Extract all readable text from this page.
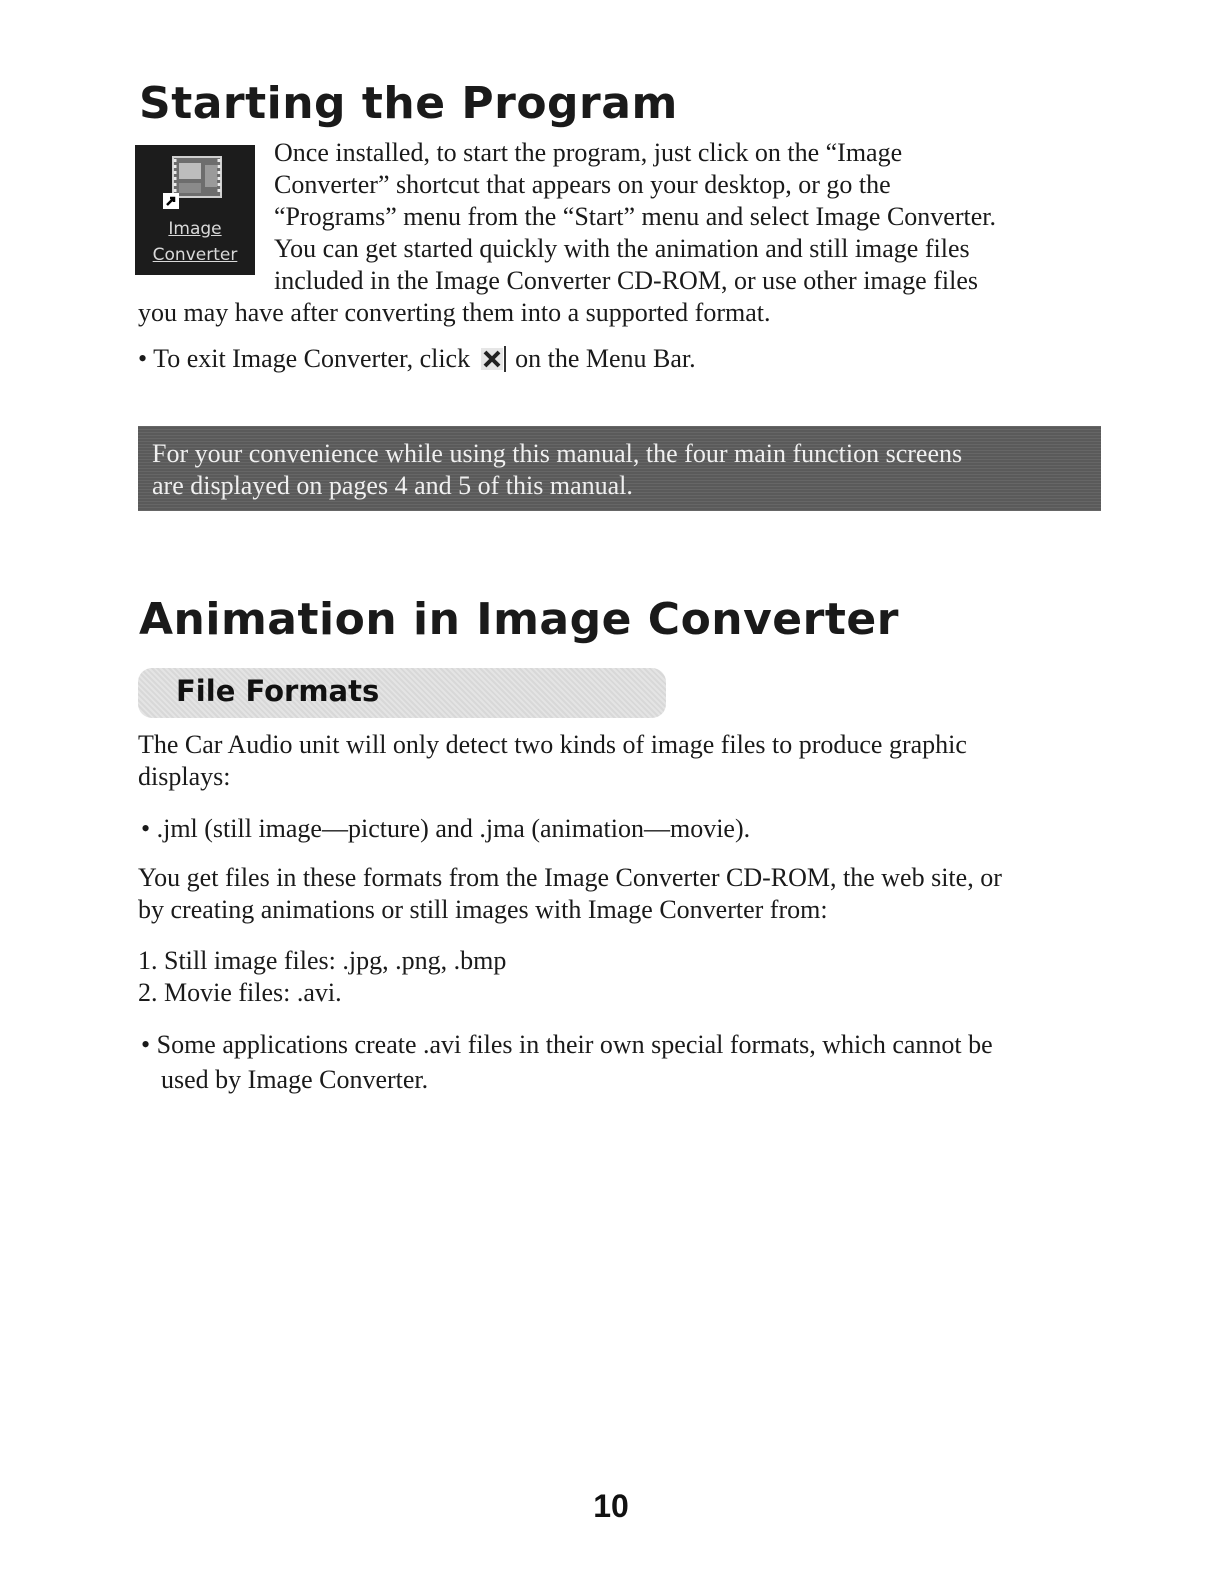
Starting the Program
Image
Converter
Once installed, to start the program, just click on the “Image
Converter” shortcut that appears on your desktop, or go the
“Programs” menu from the “Start” menu and select Image Converter.
You can get started quickly with the animation and still image files
included in the Image Converter CD-ROM, or use other image files
you may have after converting them into a supported format.
• To exit Image Converter, click on the Menu Bar.
For your convenience while using this manual, the four main function screens
are displayed on pages 4 and 5 of this manual.
Animation in Image Converter
File Formats
The Car Audio unit will only detect two kinds of image files to produce graphic
displays:
• .jml (still image—picture) and .jma (animation—movie).
You get files in these formats from the Image Converter CD-ROM, the web site, or
by creating animations or still images with Image Converter from:
1. Still image files: .jpg, .png, .bmp
2. Movie files: .avi.
• Some applications create .avi files in their own special formats, which cannot be
used by Image Converter.
10
